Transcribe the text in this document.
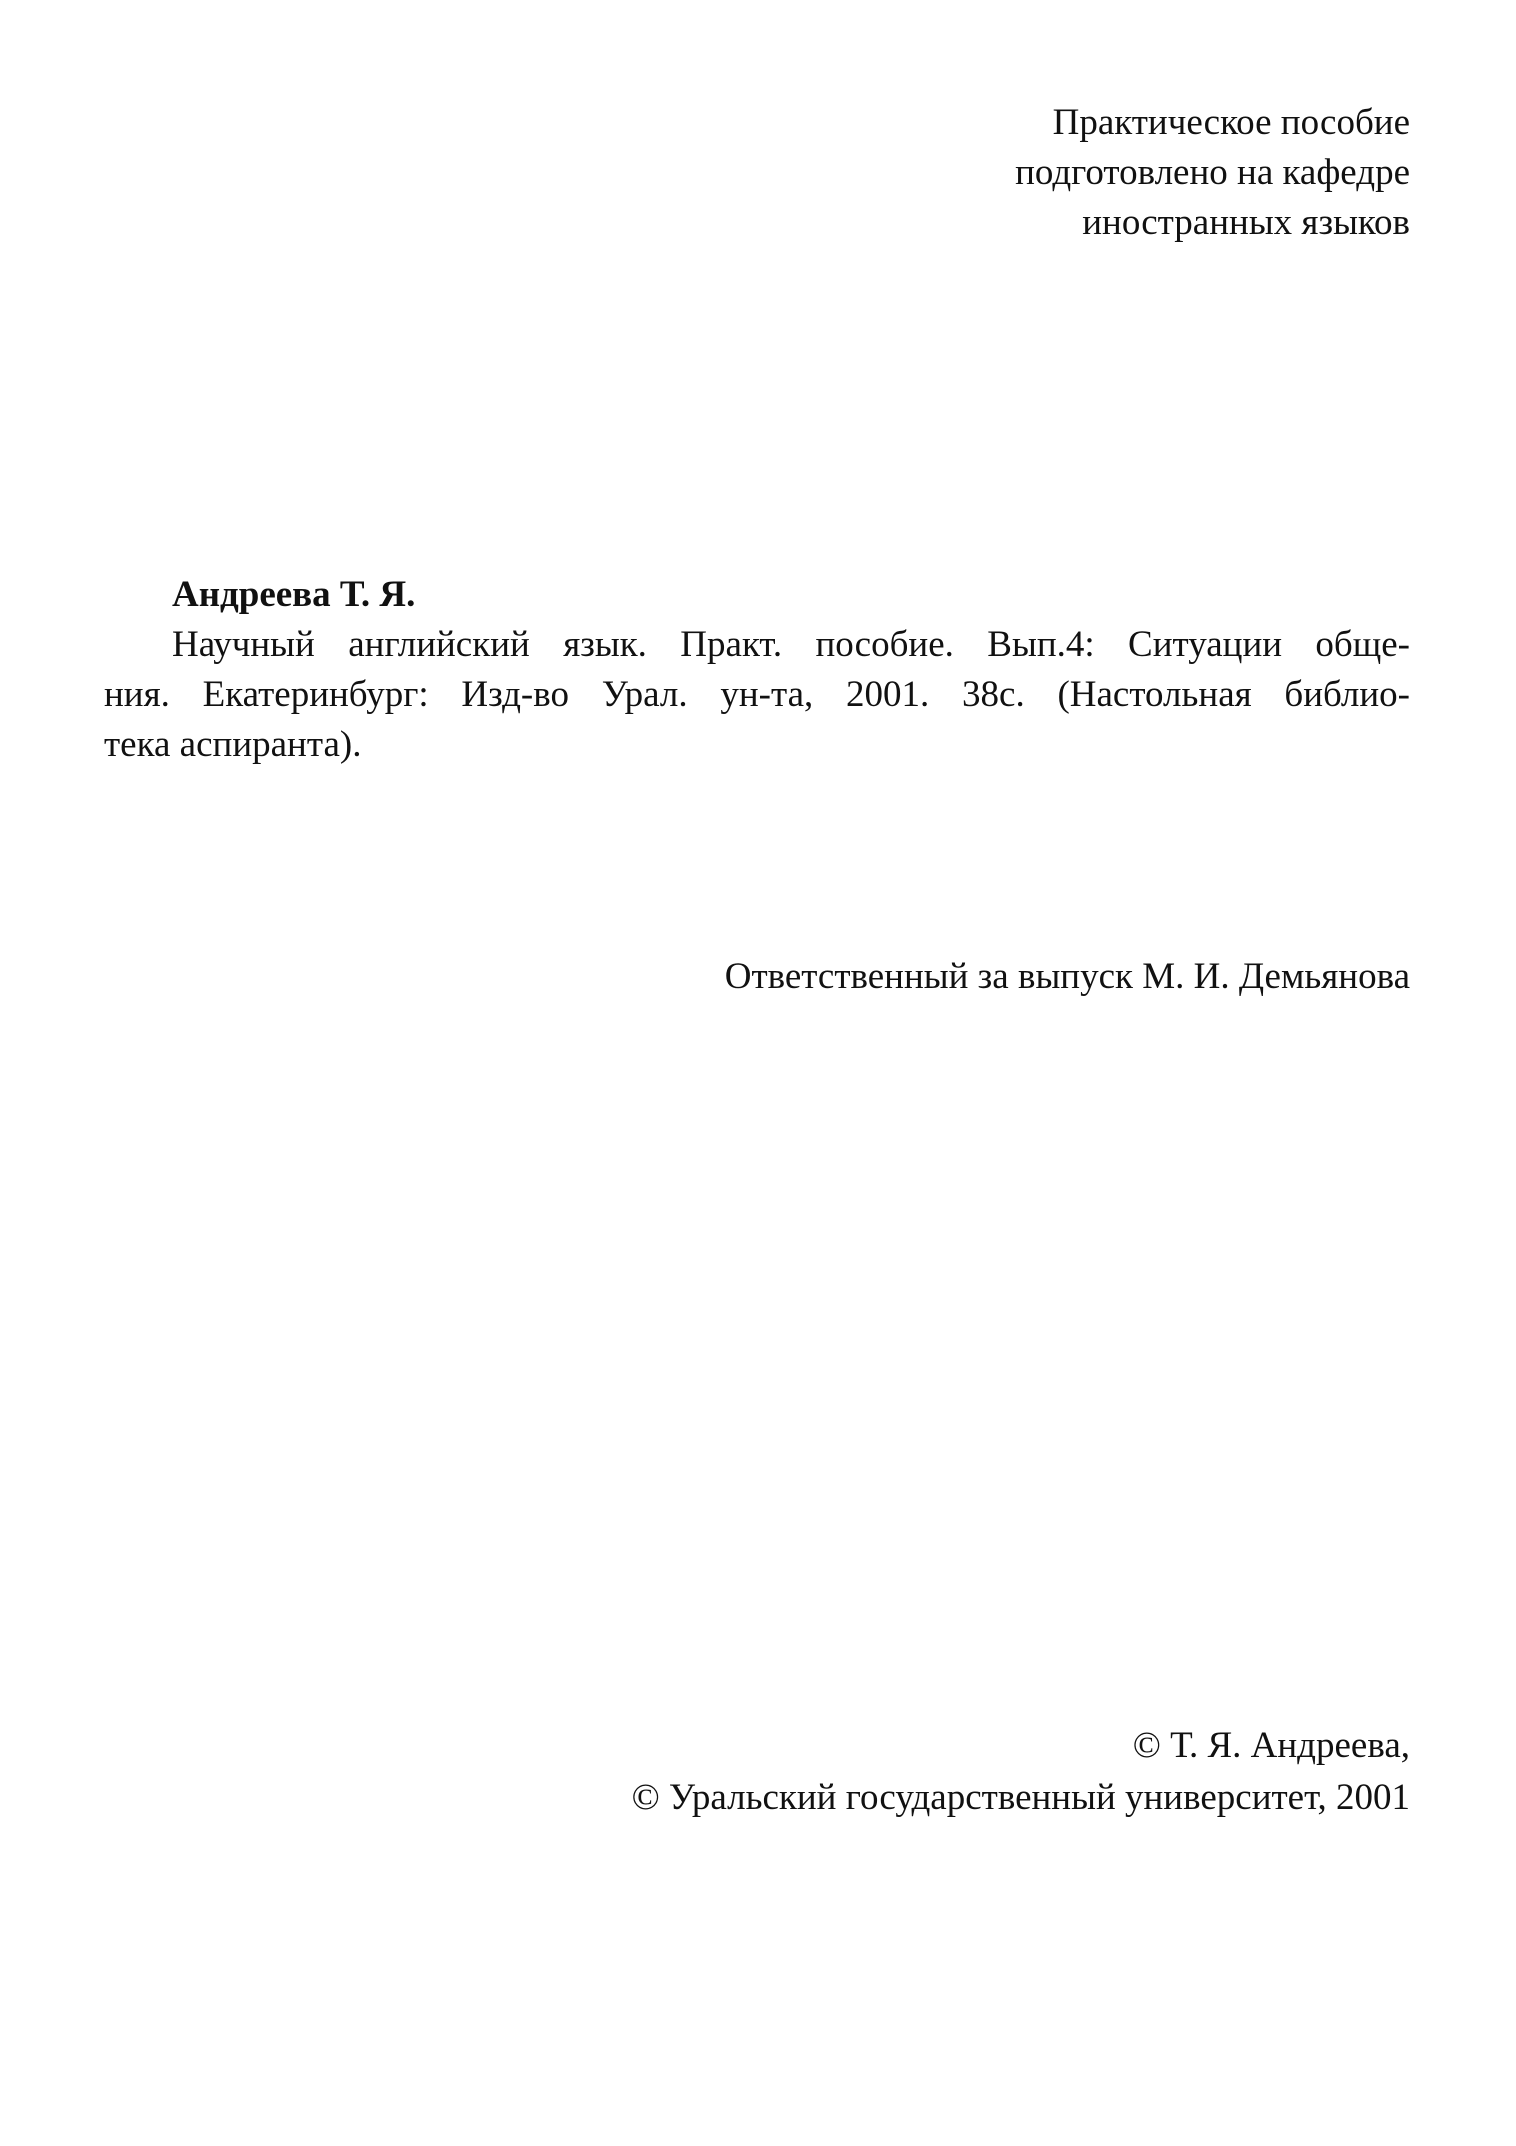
Практическое пособие
подготовлено на кафедре
иностранных языков
Андреева Т. Я.
Научный английский язык. Практ. пособие. Вып.4: Ситуации обще-
ния. Екатеринбург: Изд-во Урал. ун-та, 2001. 38с. (Настольная библио-
тека аспиранта).
Ответственный за выпуск М. И. Демьянова
© Т. Я. Андреева,
© Уральский государственный университет, 2001
